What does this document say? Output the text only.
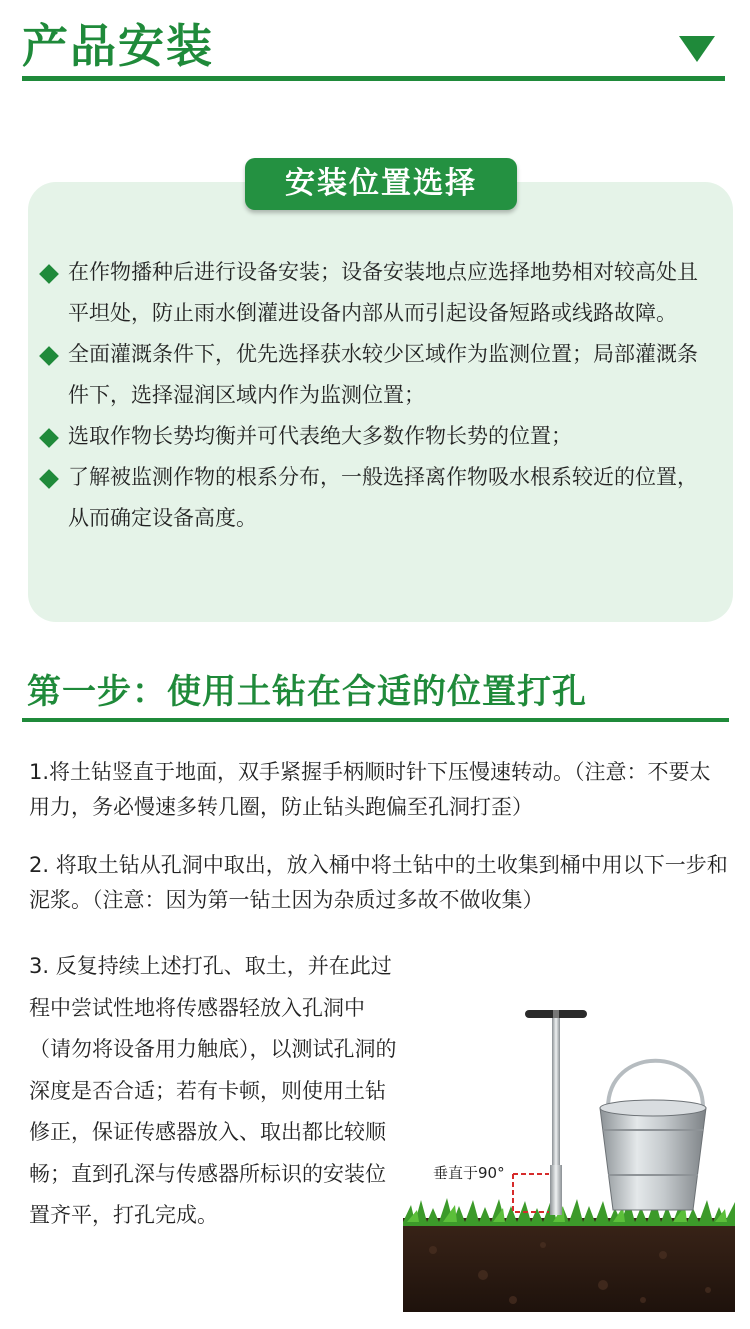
产品安装
安装位置选择
在作物播种后进行设备安装；设备安装地点应选择地势相对较高处且平坦处，防止雨水倒灌进设备内部从而引起设备短路或线路故障。
全面灌溉条件下，优先选择获水较少区域作为监测位置；局部灌溉条件下，选择湿润区域内作为监测位置；
选取作物长势均衡并可代表绝大多数作物长势的位置；
了解被监测作物的根系分布，一般选择离作物吸水根系较近的位置，从而确定设备高度。
第一步：使用土钻在合适的位置打孔

1.将土钻竖直于地面，双手紧握手柄顺时针下压慢速转动。（注意：不要太用力，务必慢速多转几圈，防止钻头跑偏至孔洞打歪）

2. 将取土钻从孔洞中取出，放入桶中将土钻中的土收集到桶中用以下一步和泥浆。（注意：因为第一钻土因为杂质过多故不做收集）

3. 反复持续上述打孔、取土，并在此过程中尝试性地将传感器轻放入孔洞中（请勿将设备用力触底），以测试孔洞的深度是否合适；若有卡顿，则使用土钻修正，保证传感器放入、取出都比较顺畅；直到孔深与传感器所标识的安装位置齐平，打孔完成。

垂直于90°
